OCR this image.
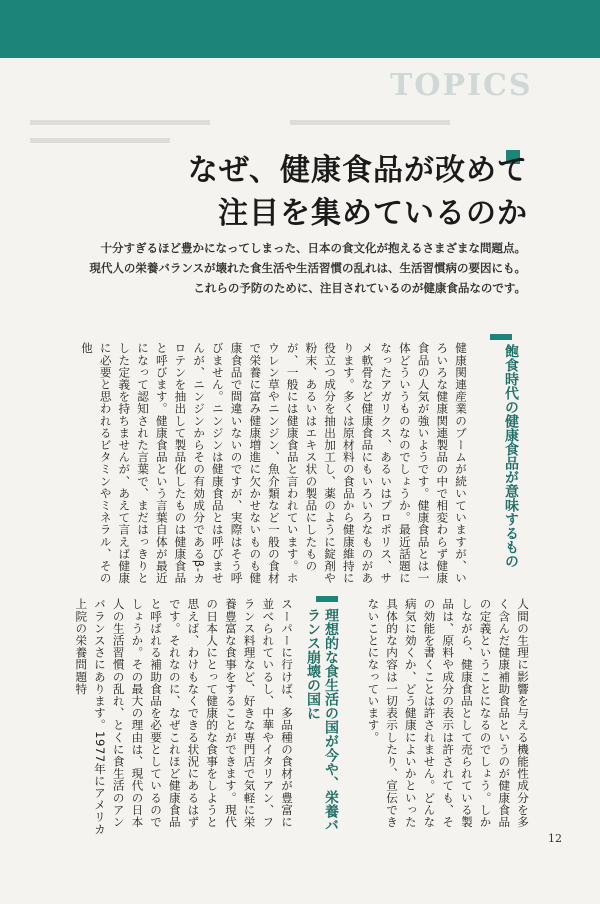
TOPICS
なぜ、健康食品が改めて
注目を集めているのか
十分すぎるほど豊かになってしまった、日本の食文化が抱えるさまざまな問題点。
現代人の栄養バランスが壊れた食生活や生活習慣の乱れは、生活習慣病の要因にも。
これらの予防のために、注目されているのが健康食品なのです。
飽食時代の健康食品が意味するもの
健康関連産業のブームが続いていますが、いろいろな健康関連製品の中で相変わらず健康食品の人気が強いようです。健康食品とは一体どういうものなのでしょうか。最近話題になったアガリクス、あるいはプロポリス、サメ軟骨など健康食品にもいろいろなものがあります。多くは原材料の食品から健康維持に役立つ成分を抽出加工し、薬のように錠剤や粉末、あるいはエキス状の製品にしたものが、一般には健康食品と言われています。ホウレン草やニンジン、魚介類など一般の食材で栄養に富み健康増進に欠かせないものも健康食品で間違いないのですが、実際はそう呼びません。ニンジンは健康食品とは呼びませんが、ニンジンからその有効成分であるβ-カロテンを抽出して製品化したものは健康食品と呼びます。健康食品という言葉自体が最近になって認知された言葉で、まだはっきりとした定義を持ちませんが、あえて言えば健康に必要と思われるビタミンやミネラル、その他
人間の生理に影響を与える機能性成分を多く含んだ健康補助食品というのが健康食品の定義ということになるのでしょう。しかしながら、健康食品として売られている製品は、原料や成分の表示は許されても、その効能を書くことは許されません。どんな病気に効くか、どう健康によいかといった具体的な内容は一切表示したり、宣伝できないことになっています。
理想的な食生活の国が今や、栄養バランス崩壊の国に
スーパーに行けば、多品種の食材が豊富に並べられているし、中華やイタリアン、フランス料理など、好きな専門店で気軽に栄養豊富な食事をすることができます。現代の日本人にとって健康的な食事をしようと思えば、わけもなくできる状況にあるはずです。それなのに、なぜこれほど健康食品と呼ばれる補助食品を必要としているのでしょうか。その最大の理由は、現代の日本人の生活習慣の乱れ、とくに食生活のアンバランスさにあります。1977年にアメリカ上院の栄養問題特
12
